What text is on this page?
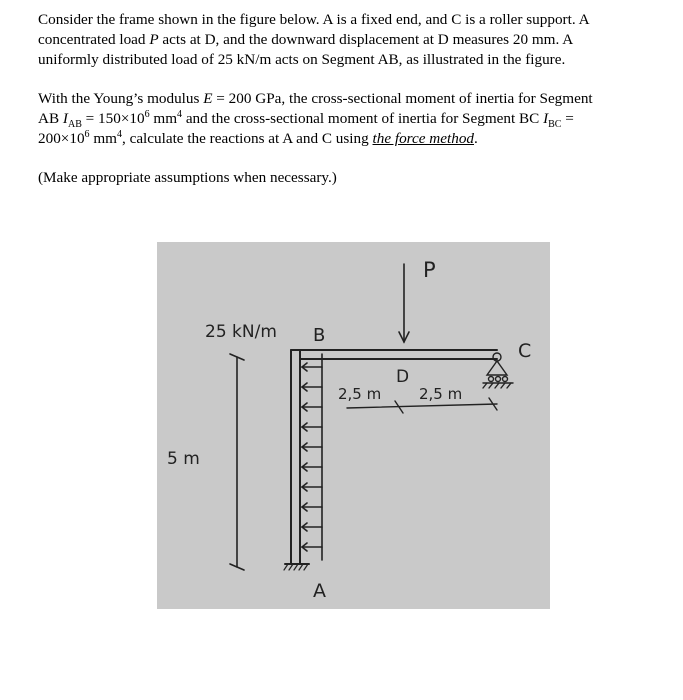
Consider the frame shown in the figure below. A is a fixed end, and C is a roller support. A
concentrated load P acts at D, and the downward displacement at D measures 20 mm. A
uniformly distributed load of 25 kN/m acts on Segment AB, as illustrated in the figure.
With the Young’s modulus E = 200 GPa, the cross-sectional moment of inertia for Segment
AB $I_{AB} = 150\times 10^6$ $mm^4$ and the cross-sectional moment of inertia for Segment BC $I_{BC}$ =
$200\times 10^6$ $mm^4$, calculate the reactions at A and C using the force method.
(Make appropriate assumptions when necessary.)
P
25 kN/m B
C
D
2,5 m	2,5 m
5 m
A
